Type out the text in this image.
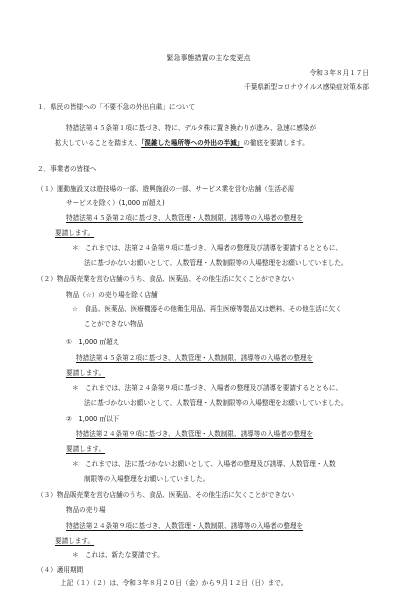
緊急事態措置の主な変更点
令和３年８月１７日
千葉県新型コロナウイルス感染症対策本部
１．県民の皆様への「不要不急の外出自粛」について
特措法第４５条第１項に基づき、特に、デルタ株に置き換わりが進み、急速に感染が
拡大していることを踏まえ、「混雑した場所等への外出の半減」の徹底を要請します。
２．事業者の皆様へ
（１）運動施設又は遊技場の一部、遊興施設の一部、サービス業を営む店舗（生活必需
サービスを除く）(1,000 ㎡超え)
特措法第４５条第２項に基づき、人数管理・人数制限、誘導等の入場者の整理を
要請します。
＊　これまでは、法第２４条第９項に基づき、入場者の整理及び誘導を要請するとともに、
法に基づかないお願いとして、人数管理・人数制限等の入場整理をお願いしていました。
（２）物品販売業を営む店舗のうち、食品、医薬品、その他生活に欠くことができない
物品（☆）の売り場を除く店舗
☆　食品、医薬品、医療機器その他衛生用品、再生医療等製品又は燃料、その他生活に欠く
ことができない物品
①　1,000 ㎡超え
特措法第４５条第２項に基づき、人数管理・人数制限、誘導等の入場者の整理を
要請します。
＊　これまでは、法第２４条第９項に基づき、入場者の整理及び誘導を要請するとともに、
法に基づかないお願いとして、人数管理・人数制限等の入場整理をお願いしていました。
②　1,000 ㎡以下
特措法第２４条第９項に基づき、人数管理・人数制限、誘導等の入場者の整理を
要請します。
＊　これまでは、法に基づかないお願いとして、入場者の整理及び誘導、人数管理・人数
制限等の入場整理をお願いしていました。
（３）物品販売業を営む店舗のうち、食品、医薬品、その他生活に欠くことができない
物品の売り場
特措法第２４条第９項に基づき、人数管理・人数制限、誘導等の入場者の整理を
要請します。
＊　これは、新たな要請です。
（４）適用期間
上記（１）（２）は、令和３年８月２０日（金）から９月１２日（日）まで。
